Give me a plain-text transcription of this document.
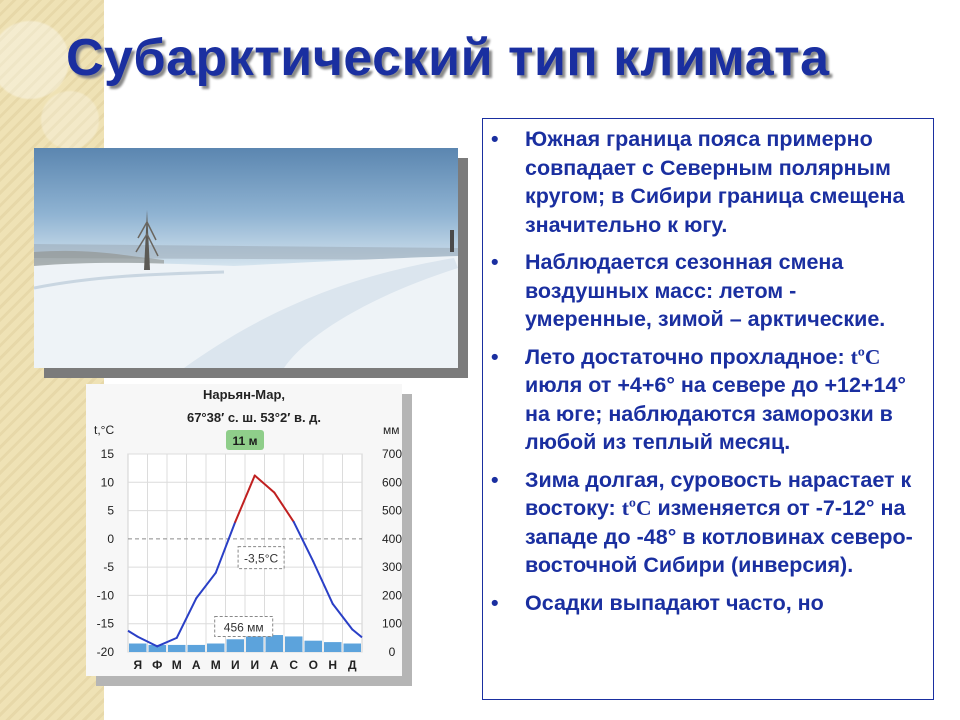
Субарктический тип климата
Нарьян-Мар,
67°38′ с. ш. 53°2′ в. д.
t,°C	мм
15
10
5
0
-5
-10
-15
-20
700
600
500
400
300
200
100
0
Я Ф М А М И И А С О Н Д
11 м
-3,5°C
456 мм
• Южная граница пояса примерно совпадает с Северным полярным кругом; в Сибири граница смещена значительно к югу.
• Наблюдается сезонная смена воздушных масс: летом - умеренные, зимой – арктические.
• Лето достаточно прохладное: tºC июля от +4+6° на севере до +12+14° на юге; наблюдаются заморозки в любой из теплый месяц.
• Зима долгая, суровость нарастает к востоку: tºC изменяется от -7-12° на западе до -48° в котловинах северо-восточной Сибири (инверсия).
• Осадки выпадают часто, но
